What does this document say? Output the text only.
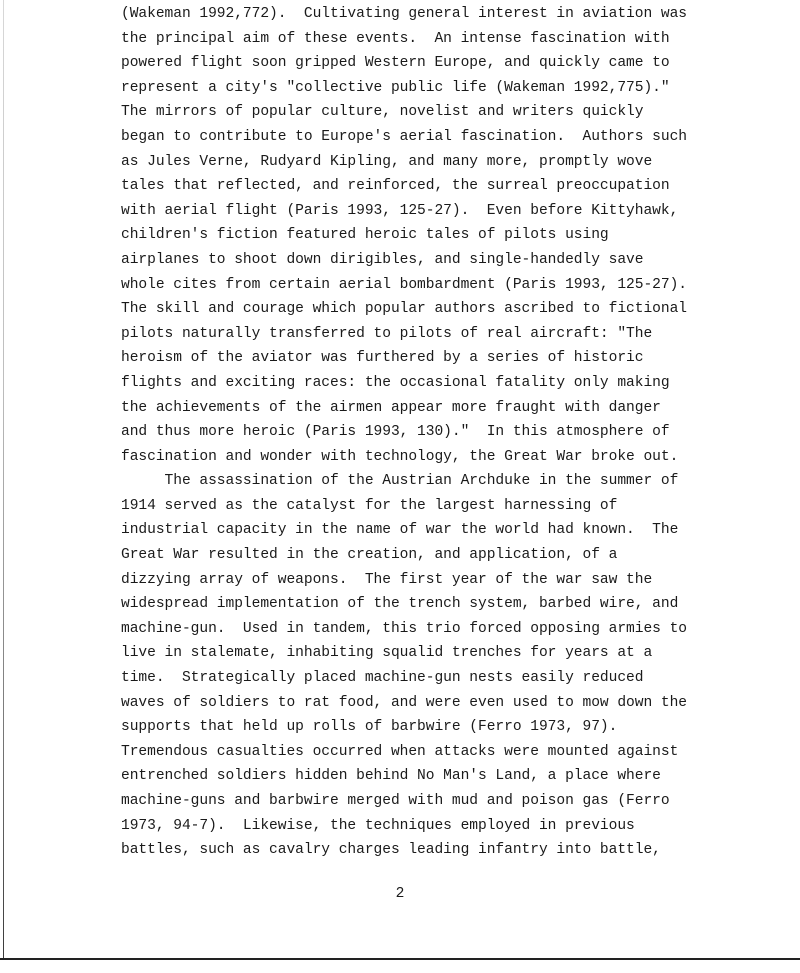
(Wakeman 1992,772).  Cultivating general interest in aviation was
the principal aim of these events.  An intense fascination with
powered flight soon gripped Western Europe, and quickly came to
represent a city's "collective public life (Wakeman 1992,775)."
The mirrors of popular culture, novelist and writers quickly
began to contribute to Europe's aerial fascination.  Authors such
as Jules Verne, Rudyard Kipling, and many more, promptly wove
tales that reflected, and reinforced, the surreal preoccupation
with aerial flight (Paris 1993, 125-27).  Even before Kittyhawk,
children's fiction featured heroic tales of pilots using
airplanes to shoot down dirigibles, and single-handedly save
whole cites from certain aerial bombardment (Paris 1993, 125-27).
The skill and courage which popular authors ascribed to fictional
pilots naturally transferred to pilots of real aircraft: "The
heroism of the aviator was furthered by a series of historic
flights and exciting races: the occasional fatality only making
the achievements of the airmen appear more fraught with danger
and thus more heroic (Paris 1993, 130)."  In this atmosphere of
fascination and wonder with technology, the Great War broke out.
The assassination of the Austrian Archduke in the summer of
1914 served as the catalyst for the largest harnessing of
industrial capacity in the name of war the world had known.  The
Great War resulted in the creation, and application, of a
dizzying array of weapons.  The first year of the war saw the
widespread implementation of the trench system, barbed wire, and
machine-gun.  Used in tandem, this trio forced opposing armies to
live in stalemate, inhabiting squalid trenches for years at a
time.  Strategically placed machine-gun nests easily reduced
waves of soldiers to rat food, and were even used to mow down the
supports that held up rolls of barbwire (Ferro 1973, 97).
Tremendous casualties occurred when attacks were mounted against
entrenched soldiers hidden behind No Man's Land, a place where
machine-guns and barbwire merged with mud and poison gas (Ferro
1973, 94-7).  Likewise, the techniques employed in previous
battles, such as cavalry charges leading infantry into battle,
2
